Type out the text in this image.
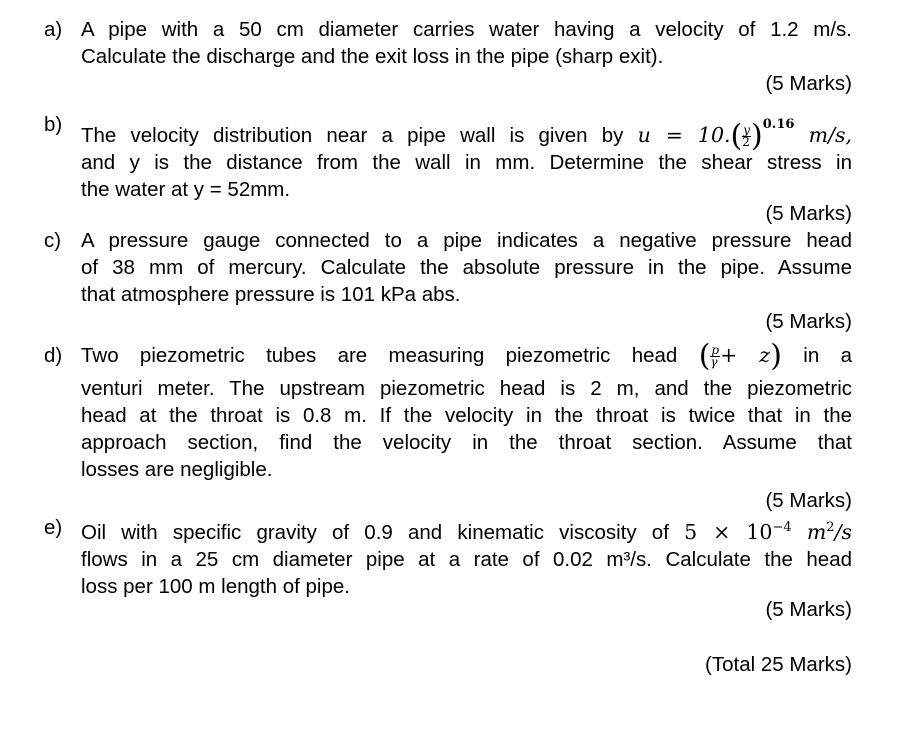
a) A pipe with a 50 cm diameter carries water having a velocity of 1.2 m/s.
Calculate the discharge and the exit loss in the pipe (sharp exit).
(5 Marks)
b) The velocity distribution near a pipe wall is given by $u = 10.( \frac{y}{2} )^{0.16}$ m/s,
and y is the distance from the wall in mm. Determine the shear stress in
the water at y = 52mm.
(5 Marks)
c) A pressure gauge connected to a pipe indicates a negative pressure head
of 38 mm of mercury. Calculate the absolute pressure in the pipe. Assume
that atmosphere pressure is 101 kPa abs.
(5 Marks)
d) Two piezometric tubes are measuring piezometric head ( $\frac{p}{\gamma} + z$) in a
venturi meter. The upstream piezometric head is 2 m, and the piezometric
head at the throat is 0.8 m. If the velocity in the throat is twice that in the
approach section, find the velocity in the throat section. Assume that
losses are negligible.
(5 Marks)
e) Oil with specific gravity of 0.9 and kinematic viscosity of $5 \times 10^{-4}$ $m^2/s$
flows in a 25 cm diameter pipe at a rate of 0.02 m³/s. Calculate the head
loss per 100 m length of pipe.
(5 Marks)
(Total 25 Marks)
